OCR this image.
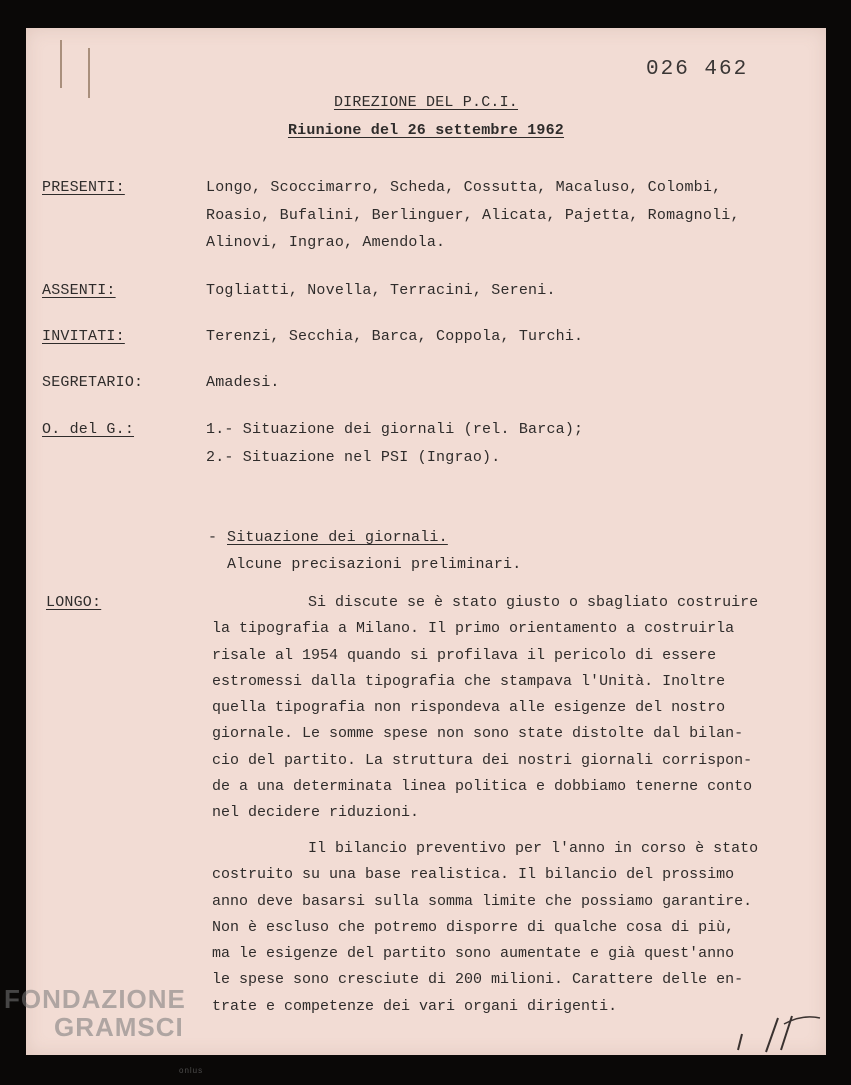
026 462
DIREZIONE DEL P.C.I.
Riunione del 26 settembre 1962
PRESENTI:	Longo, Scoccimarro, Scheda, Cossutta, Macaluso, Colombi,
Roasio, Bufalini, Berlinguer, Alicata, Pajetta, Romagnoli,
Alinovi, Ingrao, Amendola.
ASSENTI:	Togliatti, Novella, Terracini, Sereni.
INVITATI:	Terenzi, Secchia, Barca, Coppola, Turchi.
SEGRETARIO:	Amadesi.
O. del G.:	1.- Situazione dei giornali (rel. Barca);
2.- Situazione nel PSI (Ingrao).
- Situazione dei giornali.
Alcune precisazioni preliminari.
LONGO:	Si discute se è stato giusto o sbagliato costruire
la tipografia a Milano. Il primo orientamento a costruirla
risale al 1954 quando si profilava il pericolo di essere
estromessi dalla tipografia che stampava l'Unità. Inoltre
quella tipografia non rispondeva alle esigenze del nostro
giornale. Le somme spese non sono state distolte dal bilan-
cio del partito. La struttura dei nostri giornali corrispon-
de a una determinata linea politica e dobbiamo tenerne conto
nel decidere riduzioni.
Il bilancio preventivo per l'anno in corso è stato
costruito su una base realistica. Il bilancio del prossimo
anno deve basarsi sulla somma limite che possiamo garantire.
Non è escluso che potremo disporre di qualche cosa di più,
ma le esigenze del partito sono aumentate e già quest'anno
le spese sono cresciute di 200 milioni. Carattere delle en-
trate e competenze dei vari organi dirigenti.
FONDAZIONE
GRAMSCI
onlus
